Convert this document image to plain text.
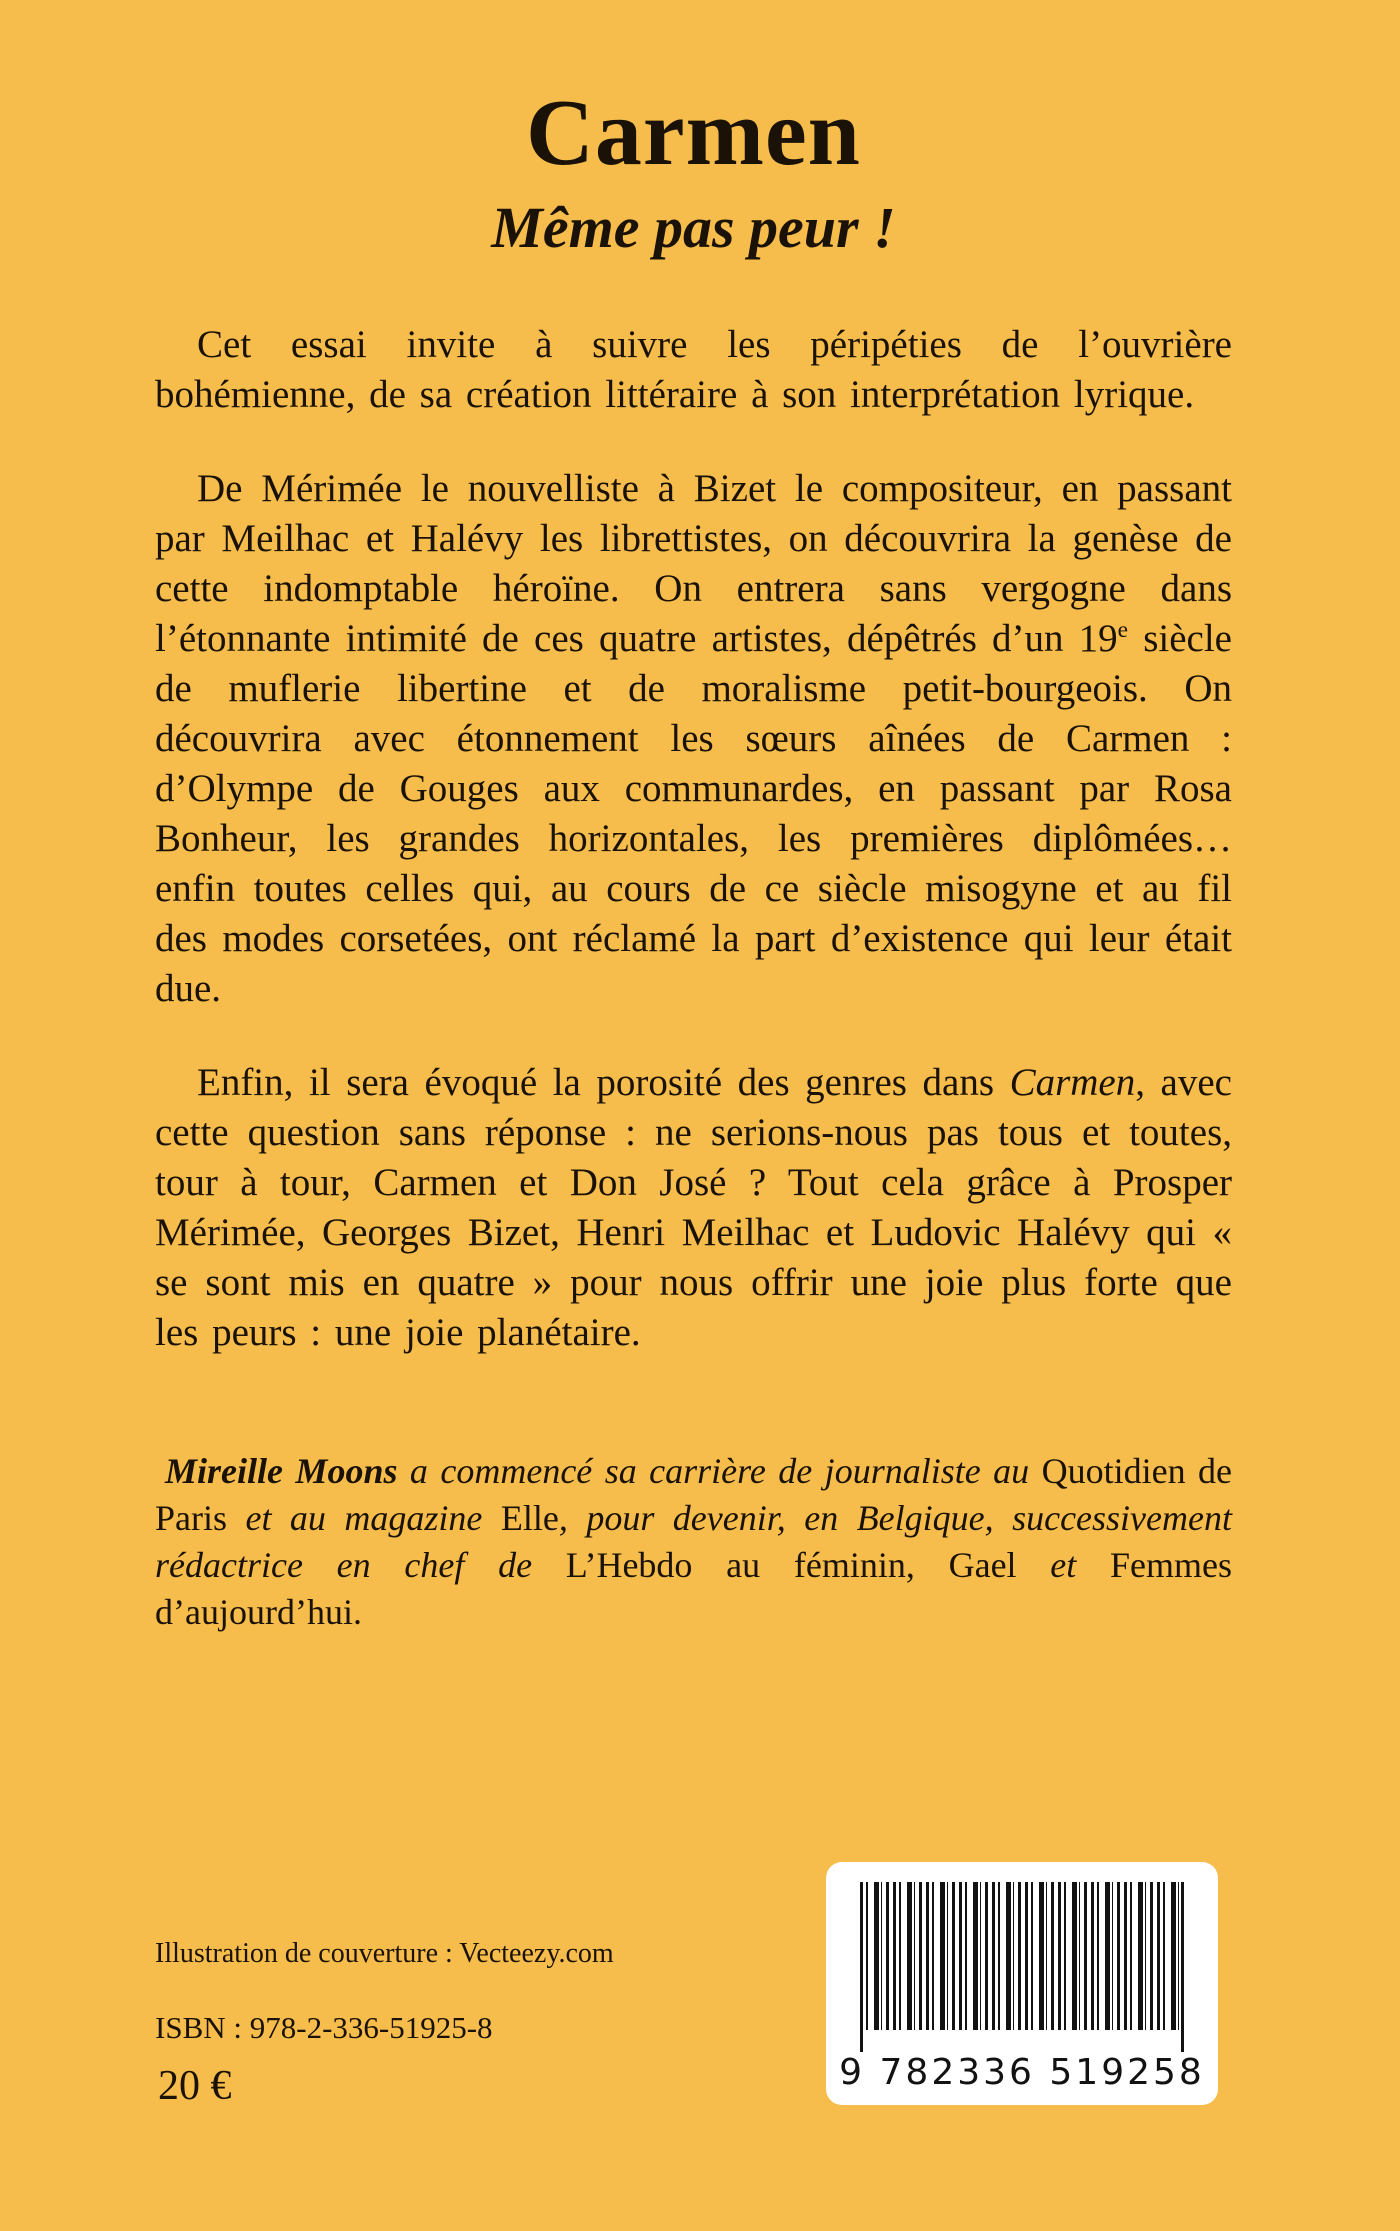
Carmen
Même pas peur !

Cet essai invite à suivre les péripéties de l’ouvrière bohémienne, de sa création littéraire à son interprétation lyrique.

De Mérimée le nouvelliste à Bizet le compositeur, en passant par Meilhac et Halévy les librettistes, on découvrira la genèse de cette indomptable héroïne. On entrera sans vergogne dans l’étonnante intimité de ces quatre artistes, dépêtrés d’un 19e siècle de muflerie libertine et de moralisme petit-bourgeois. On découvrira avec étonnement les sœurs aînées de Carmen : d’Olympe de Gouges aux communardes, en passant par Rosa Bonheur, les grandes horizontales, les premières diplômées… enfin toutes celles qui, au cours de ce siècle misogyne et au fil des modes corsetées, ont réclamé la part d’existence qui leur était due.

Enfin, il sera évoqué la porosité des genres dans Carmen, avec cette question sans réponse : ne serions-nous pas tous et toutes, tour à tour, Carmen et Don José ? Tout cela grâce à Prosper Mérimée, Georges Bizet, Henri Meilhac et Ludovic Halévy qui « se sont mis en quatre » pour nous offrir une joie plus forte que les peurs : une joie planétaire.

Mireille Moons a commencé sa carrière de journaliste au Quotidien de Paris et au magazine Elle, pour devenir, en Belgique, successivement rédactrice en chef de L’Hebdo au féminin, Gael et Femmes d’aujourd’hui.

Illustration de couverture : Vecteezy.com
ISBN : 978-2-336-51925-8
20 €	9 782336 519258
